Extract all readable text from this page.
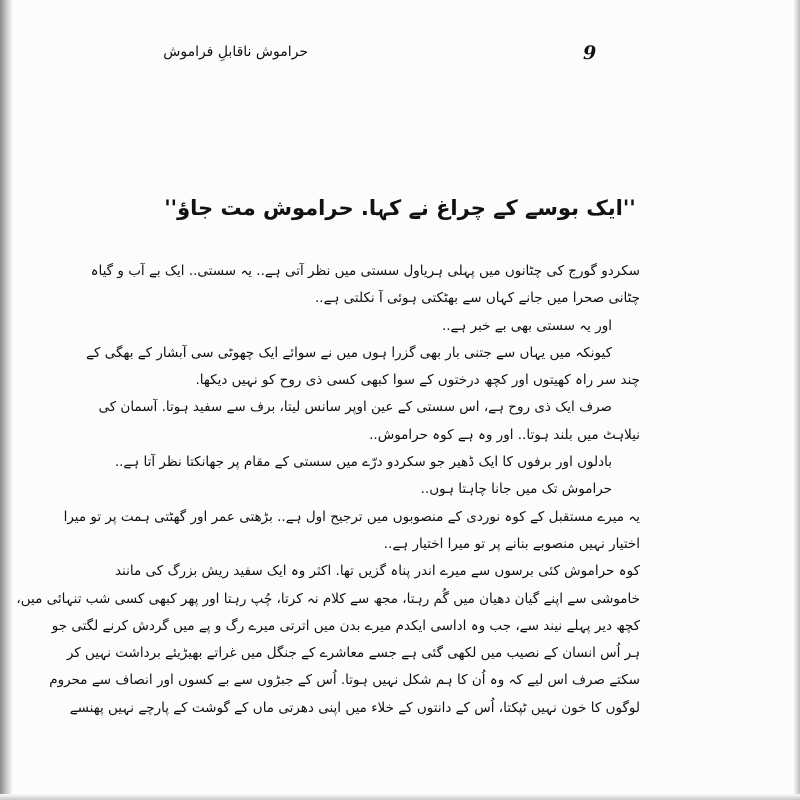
9
حراموش ناقابلِ فراموش
''ایک بوسے کے چراغ نے کہا. حراموش مت جاؤ''
سکردو گورج کی چٹانوں میں پہلی ہریاول سستی میں نظر آتی ہے.. یہ سستی.. ایک بے آب و گیاہ
چٹانی صحرا میں جانے کہاں سے بھٹکتی ہوئی آ نکلتی ہے..
اور یہ سستی بھی بے خبر ہے..
کیونکہ میں یہاں سے جتنی بار بھی گزرا ہوں میں نے سوائے ایک چھوٹی سی آبشار کے بھگی کے
چند سر راہ کھیتوں اور کچھ درختوں کے سوا کبھی کسی ذی روح کو نہیں دیکھا.
صرف ایک ذی روح ہے، اس سستی کے عین اوپر سانس لیتا، برف سے سفید ہوتا. آسمان کی
نیلاہٹ میں بلند ہوتا.. اور وہ ہے کوہ حراموش..
بادلوں اور برفوں کا ایک ڈھیر جو سکردو درّے میں سستی کے مقام پر جھانکتا نظر آتا ہے..
حراموش تک میں جانا چاہتا ہوں..
یہ میرے مستقبل کے کوہ نوردی کے منصوبوں میں ترجیح اول ہے.. بڑھتی عمر اور گھٹتی ہمت پر تو میرا
اختیار نہیں منصوبے بنانے پر تو میرا اختیار ہے..
کوہ حراموش کئی برسوں سے میرے اندر پناہ گزیں تھا. اکثر وہ ایک سفید ریش بزرگ کی مانند
خاموشی سے اپنے گیان دھیان میں گُم رہتا، مجھ سے کلام نہ کرتا، چُپ رہتا اور پھر کبھی کسی شب تنہائی میں،
کچھ دیر پہلے نیند سے، جب وہ اداسی ایکدم میرے بدن میں اترتی میرے رگ و پے میں گردش کرنے لگتی جو
ہر اُس انسان کے نصیب میں لکھی گئی ہے جسے معاشرے کے جنگل میں غراتے بھیڑیئے برداشت نہیں کر
سکتے صرف اس لیے کہ وہ اُن کا ہم شکل نہیں ہوتا. اُس کے جبڑوں سے بے کسوں اور انصاف سے محروم
لوگوں کا خون نہیں ٹپکتا، اُس کے دانتوں کے خلاء میں اپنی دھرتی ماں کے گوشت کے پارچے نہیں پھنسے
